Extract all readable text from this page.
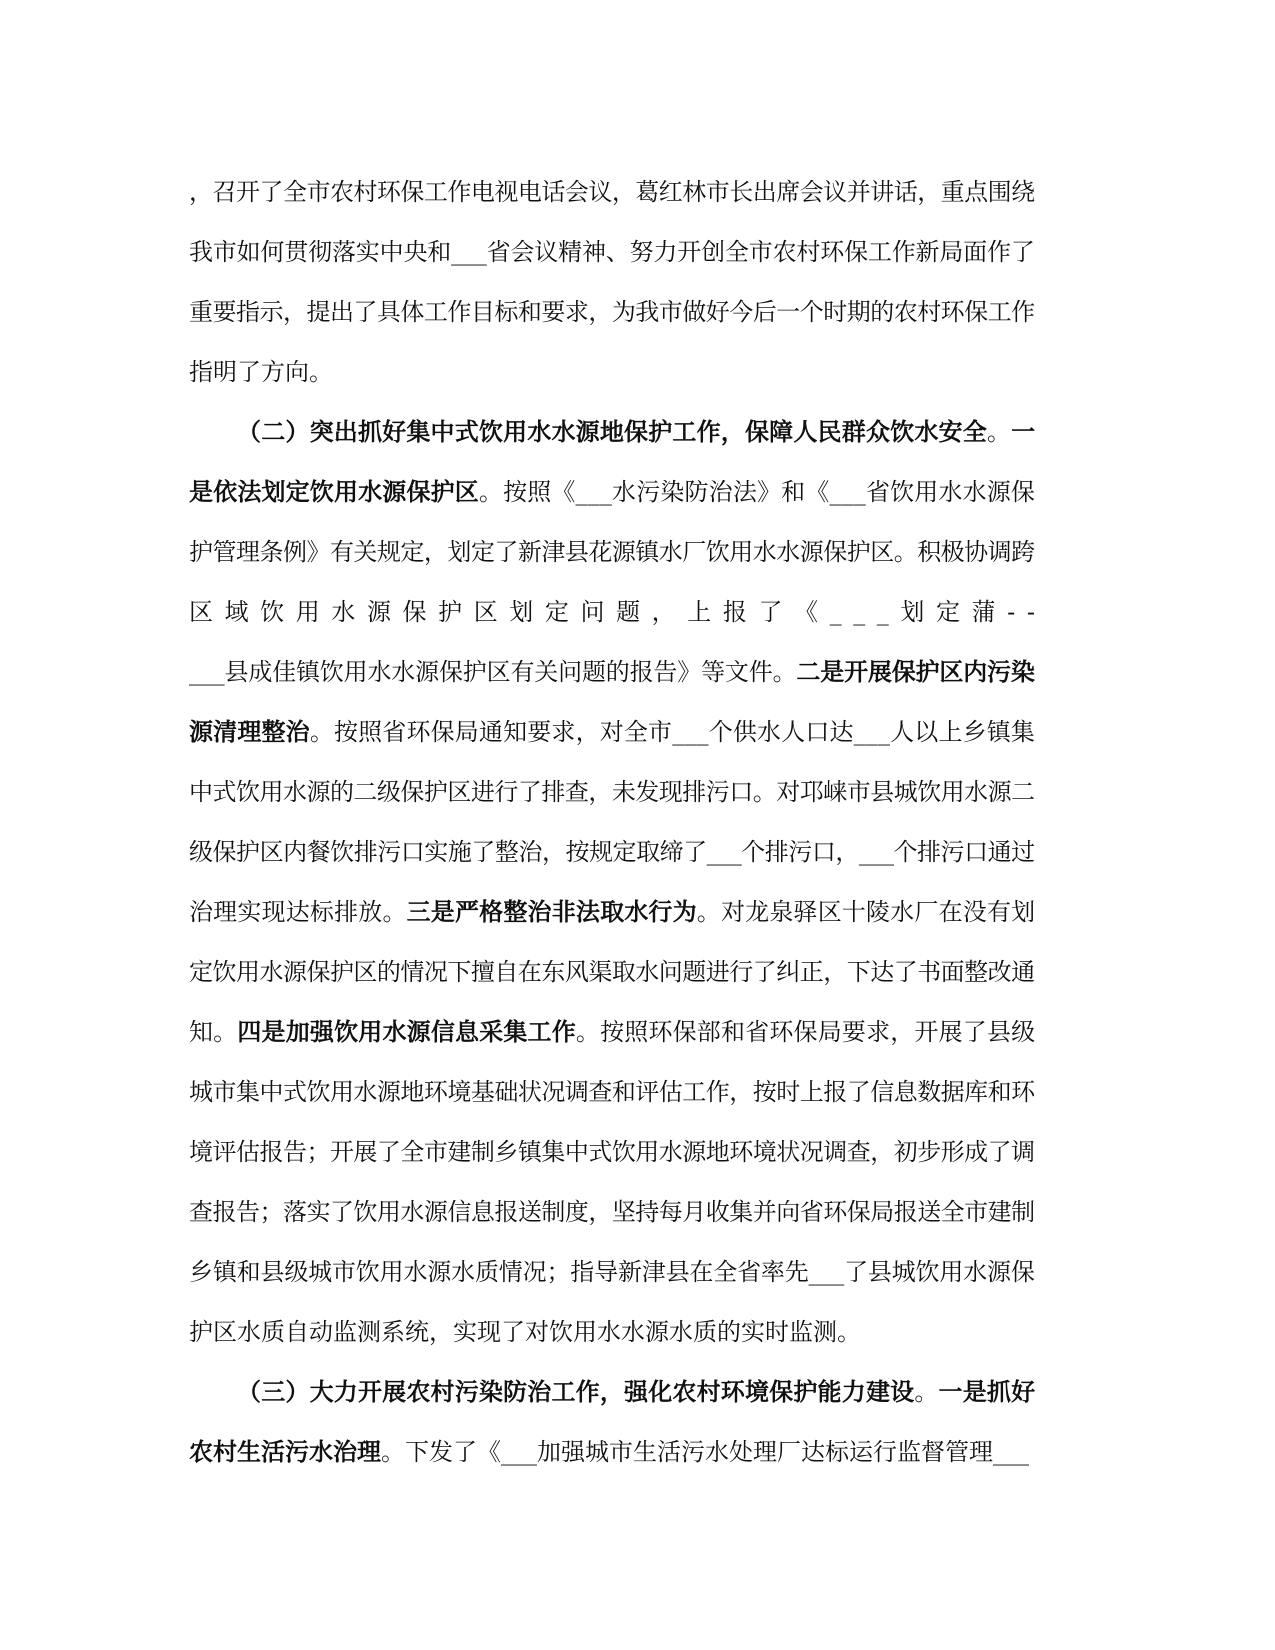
，召开了全市农村环保工作电视电话会议，葛红林市长出席会议并讲话，重点围绕
我市如何贯彻落实中央和___省会议精神、努力开创全市农村环保工作新局面作了
重要指示，提出了具体工作目标和要求，为我市做好今后一个时期的农村环保工作
指明了方向。
（二）突出抓好集中式饮用水水源地保护工作，保障人民群众饮水安全。一
是依法划定饮用水源保护区。按照《___水污染防治法》和《___省饮用水水源保
护管理条例》有关规定，划定了新津县花源镇水厂饮用水水源保护区。积极协调跨
区域饮用水源保护区划定问题，上报了《___划定蒲--
___县成佳镇饮用水水源保护区有关问题的报告》等文件。二是开展保护区内污染
源清理整治。按照省环保局通知要求，对全市___个供水人口达___人以上乡镇集
中式饮用水源的二级保护区进行了排查，未发现排污口。对邛崃市县城饮用水源二
级保护区内餐饮排污口实施了整治，按规定取缔了___个排污口，___个排污口通过
治理实现达标排放。三是严格整治非法取水行为。对龙泉驿区十陵水厂在没有划
定饮用水源保护区的情况下擅自在东风渠取水问题进行了纠正，下达了书面整改通
知。四是加强饮用水源信息采集工作。按照环保部和省环保局要求，开展了县级
城市集中式饮用水源地环境基础状况调查和评估工作，按时上报了信息数据库和环
境评估报告；开展了全市建制乡镇集中式饮用水源地环境状况调查，初步形成了调
查报告；落实了饮用水源信息报送制度，坚持每月收集并向省环保局报送全市建制
乡镇和县级城市饮用水源水质情况；指导新津县在全省率先___了县城饮用水源保
护区水质自动监测系统，实现了对饮用水水源水质的实时监测。
（三）大力开展农村污染防治工作，强化农村环境保护能力建设。一是抓好
农村生活污水治理。下发了《___加强城市生活污水处理厂达标运行监督管理___
